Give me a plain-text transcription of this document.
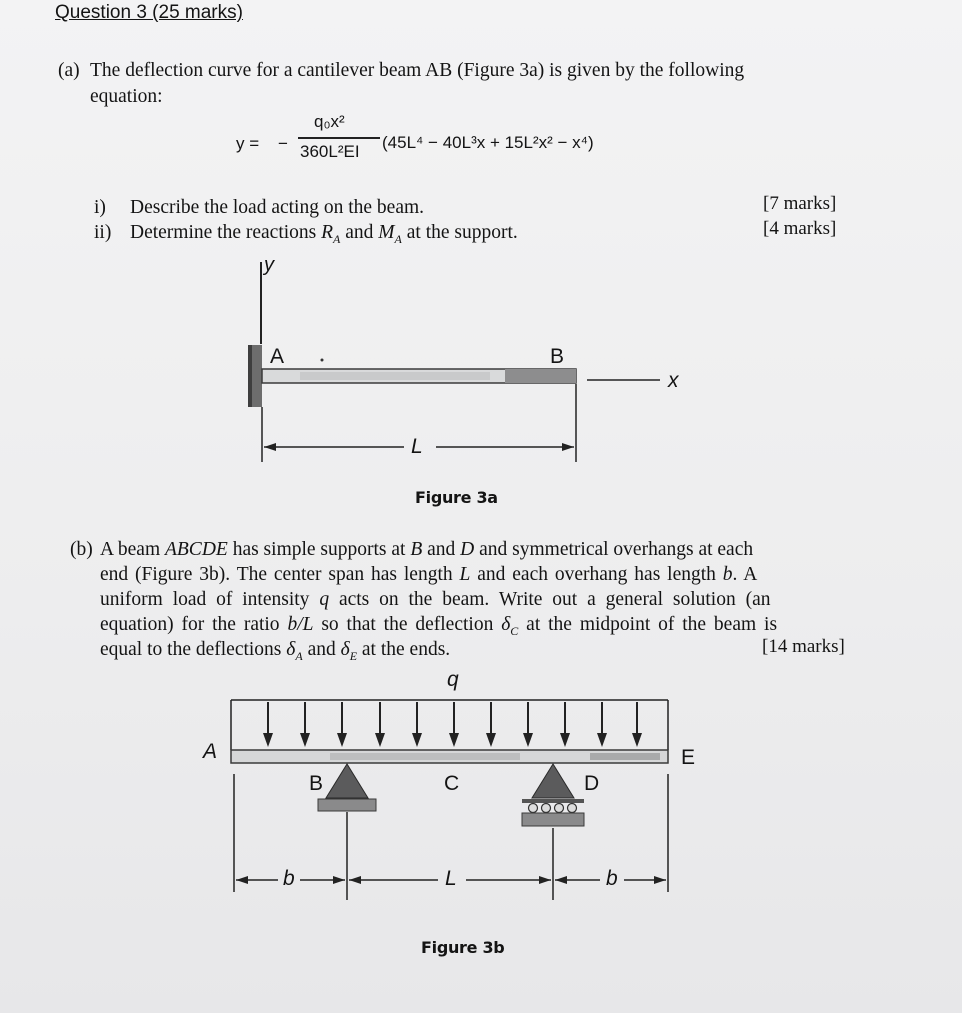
Question 3 (25 marks)
(a) The deflection curve for a cantilever beam AB (Figure 3a) is given by the following
equation:
y = −
q₀x²
360L²EI (45L⁴ − 40L³x + 15L²x² − x⁴)
i) Describe the load acting on the beam.	[7 marks]
ii) Determine the reactions $R_A$ and $M_A$ at the support.	[4 marks]
y
A	B
x
L
Figure 3a
(b) A beam ABCDE has simple supports at B and D and symmetrical overhangs at each
end (Figure 3b). The center span has length L and each overhang has length b. A
uniform load of intensity q acts on the beam. Write out a general solution (an
equation) for the ratio b/L so that the deflection $\delta_C$ at the midpoint of the beam is
equal to the deflections $\delta_A$ and $\delta_E$ at the ends.	[14 marks]
q
A
B	C	D
E
b	L	b
Figure 3b
